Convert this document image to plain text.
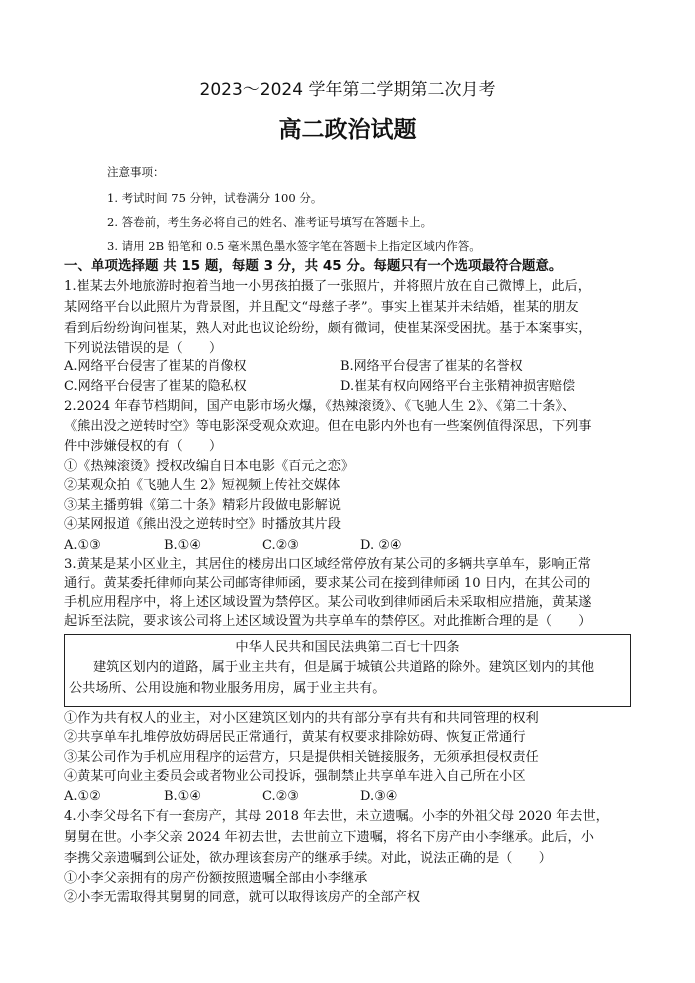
2023～2024 学年第二学期第二次月考
高二政治试题
注意事项：
1. 考试时间 75 分钟，试卷满分 100 分。
2. 答卷前，考生务必将自己的姓名、准考证号填写在答题卡上。
3. 请用 2B 铅笔和 0.5 毫米黑色墨水签字笔在答题卡上指定区域内作答。
一、单项选择题 共 15 题，每题 3 分，共 45 分。每题只有一个选项最符合题意。
1.崔某去外地旅游时抱着当地一小男孩拍摄了一张照片，并将照片放在自己微博上，此后，
某网络平台以此照片为背景图，并且配文“母慈子孝”。事实上崔某并未结婚，崔某的朋友
看到后纷纷询问崔某，熟人对此也议论纷纷，颇有微词，使崔某深受困扰。基于本案事实，
下列说法错误的是（　　）
A.网络平台侵害了崔某的肖像权	B.网络平台侵害了崔某的名誉权
C.网络平台侵害了崔某的隐私权	D.崔某有权向网络平台主张精神损害赔偿
2.2024 年春节档期间，国产电影市场火爆，《热辣滚烫》、《飞驰人生 2》、《第二十条》、
《熊出没之逆转时空》等电影深受观众欢迎。但在电影内外也有一些案例值得深思，下列事
件中涉嫌侵权的有（　　）
①《热辣滚烫》授权改编自日本电影《百元之恋》
②某观众拍《飞驰人生 2》短视频上传社交媒体
③某主播剪辑《第二十条》精彩片段做电影解说
④某网报道《熊出没之逆转时空》时播放其片段
A.①③	B.①④	C.②③	D. ②④
3.黄某是某小区业主，其居住的楼房出口区域经常停放有某公司的多辆共享单车，影响正常
通行。黄某委托律师向某公司邮寄律师函，要求某公司在接到律师函 10 日内，在其公司的
手机应用程序中，将上述区域设置为禁停区。某公司收到律师函后未采取相应措施，黄某遂
起诉至法院，要求该公司将上述区域设置为共享单车的禁停区。对此推断合理的是（　　）
中华人民共和国民法典第二百七十四条
建筑区划内的道路，属于业主共有，但是属于城镇公共道路的除外。建筑区划内的其他
公共场所、公用设施和物业服务用房，属于业主共有。
①作为共有权人的业主，对小区建筑区划内的共有部分享有共有和共同管理的权利
②共享单车扎堆停放妨碍居民正常通行，黄某有权要求排除妨碍、恢复正常通行
③某公司作为手机应用程序的运营方，只是提供相关链接服务，无须承担侵权责任
④黄某可向业主委员会或者物业公司投诉，强制禁止共享单车进入自己所在小区
A.①②	B.①④	C.②③	D.③④
4.小李父母名下有一套房产，其母 2018 年去世，未立遗嘱。小李的外祖父母 2020 年去世，
舅舅在世。小李父亲 2024 年初去世，去世前立下遗嘱，将名下房产由小李继承。此后，小
李携父亲遗嘱到公证处，欲办理该套房产的继承手续。对此，说法正确的是（　　）
①小李父亲拥有的房产份额按照遗嘱全部由小李继承
②小李无需取得其舅舅的同意，就可以取得该房产的全部产权
